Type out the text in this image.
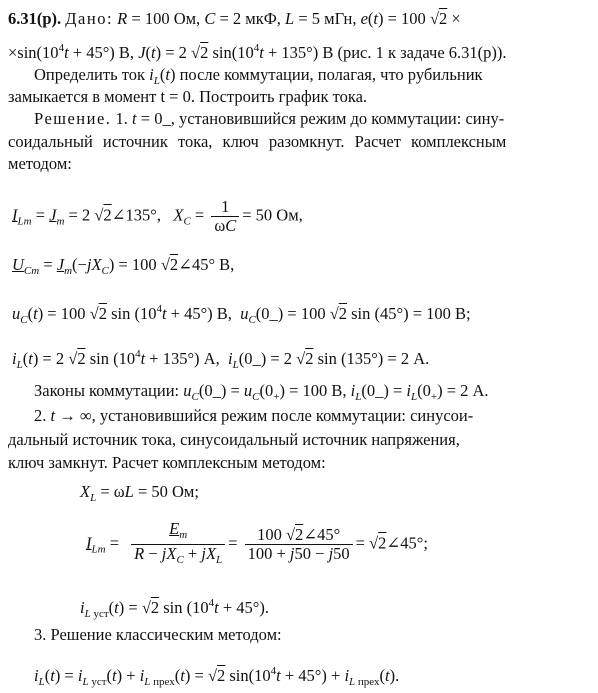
6.31(р). Дано: R = 100 Ом, C = 2 мкФ, L = 5 мГн, e(t) = 100 √2 ×
$\times\sin(10^4t + 45^\circ)$ В, J(t) = 2 √2 $\sin(10^4t + 135^\circ)$ В (рис. 1 к задаче 6.31(р)).
Определить ток $i_L(t)$ после коммутации, полагая, что рубильник
замыкается в момент t = 0. Построить график тока.
Решение. 1. t = 0_, установившийся режим до коммутации: сину-
соидальный источник тока, ключ разомкнут. Расчет комплексным
методом:
$I_{Lm} = J_m = 2$ √2∠135°,   $X_C = \frac{1}{\omega C} = 50$ Ом,
$U_{Cm} = J_m(-jX_C) = 100$ √2∠45° В,
$u_C(t) = 100$ √2 $\sin (10^4t + 45^\circ)$ В,  $u_C(0\_) = 100$ √2 sin (45°) = 100 В;
$i_L(t) = 2$ √2 $\sin (10^4t + 135^\circ)$ А,  $i_L(0\_) = 2$ √2 sin (135°) = 2 А.
Законы коммутации: $u_C(0\_) = u_C(0_+) = 100$ В, $i_L(0\_) = i_L(0_+) = 2$ А.
2. t → ∞, установившийся режим после коммутации: синусои-
дальный источник тока, синусоидальный источник напряжения,
ключ замкнут. Расчет комплексным методом:
$X_L = \omega L = 50$ Ом;
$I_{Lm} = \frac{E_m}{R - jX_C + jX_L} = \frac{100 √2\angle 45^\circ}{100 + j50 - j50}$ = √2∠45°;
$i_L$ $_{уст}$(t) = √2 $\sin (10^4t + 45^\circ)$.
3. Решение классическим методом:
$i_L(t) = i_L$ $_{уст}(t) + i_L$ $_{прех}$(t) = √2 $\sin(10^4t + 45^\circ) + i_L$ $_{прех}$(t).
